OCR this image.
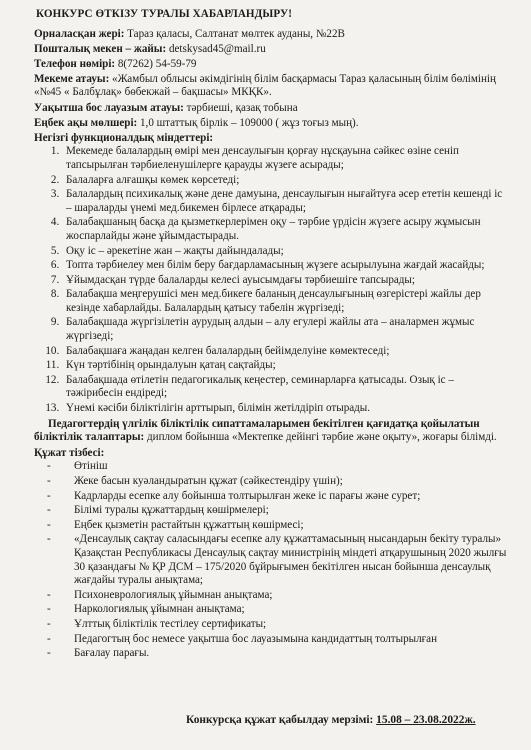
КОНКУРС ӨТКІЗУ ТУРАЛЫ ХАБАРЛАНДЫРУ!
Орналасқан жері: Тараз қаласы, Салтанат мөлтек ауданы, №22В
Пошталық мекен – жайы: detskysad45@mail.ru
Телефон нөмірі: 8(7262) 54-59-79
Мекеме атауы: «Жамбыл облысы әкімдігінің білім басқармасы Тараз қаласының білім бөлімінің «№45 « Балбұлақ» бөбекжай – бақшасы» МКҚК».
Уақытша бос лауазым атауы: тәрбиеші, қазақ тобына
Еңбек ақы мөлшері: 1,0 штаттық бірлік – 109000 ( жұз тоғыз мың).
Негізгі функционалдық міндеттері:
1. Мекемеде балалардың өмірі мен денсаулығын қорғау нұсқауына сәйкес өзіне сеніп тапсырылған тәрбиеленушілерге қарауды жүзеге асырады;
2. Балаларға алғашқы көмек көрсетеді;
3. Балалардың психикалық және дене дамуына, денсаулығын нығайтуға әсер ететін кешенді іс – шараларды үнемі мед.бикемен бірлесе атқарады;
4. Балабақшаның басқа да қызметкерлерімен оқу – тәрбие үрдісін жүзеге асыру жұмысын жоспарлайды және ұйымдастырады.
5. Оқу іс – әрекетіне жан – жақты дайындалады;
6. Топта тәрбиелеу мен білім беру бағдарламасының жүзеге асырылуына жағдай жасайды;
7. Ұйымдасқан түрде балаларды келесі ауысымдағы тәрбиешіге тапсырады;
8. Балабақша меңгерушісі мен мед.бикеге баланың денсаулығының өзгерістері жайлы дер кезінде хабарлайды. Балалардың қатысу табелін жүргізеді;
9. Балабақшада жүргізілетін аурудың алдын – алу егулері жайлы ата – аналармен жұмыс жүргізеді;
10. Балабақшаға жаңадан келген балалардың бейімделуіне көмектеседі;
11. Күн тәртібінің орындалуын қатаң сақтайды;
12. Балабақшада өтілетін педагогикалық кеңестер, семинарларға қатысады. Озық іс – тәжірибесін ендіреді;
13. Үнемі кәсіби біліктілігін арттырып, білімін жетілдіріп отырады.
Педагогтердің үлгілік біліктілік сипаттамаларымен бекітілген қағидатқа қойылатын біліктілік талаптары: диплом бойынша «Мектепке дейінгі тәрбие және оқыту», жоғары білімді.
Құжат тізбесі:
- Өтініш
- Жеке басын куәландыратын құжат (сәйкестендіру үшін);
- Кадрларды есепке алу бойынша толтырылған жеке іс парағы және сурет;
- Білімі туралы құжаттардың көшірмелері;
- Еңбек қызметін растайтын құжаттың көшірмесі;
- «Денсаулық сақтау саласындағы есепке алу құжаттамасының нысандарын бекіту туралы» Қазақстан Республикасы Денсаулық сақтау министрінің міндеті атқарушының 2020 жылғы 30 қазандағы № ҚР ДСМ – 175/2020 бұйрығымен бекітілген нысан бойынша денсаулық жағдайы туралы анықтама;
- Психоневрологиялық ұйымнан анықтама;
- Наркологиялық ұйымнан анықтама;
- Ұлттық біліктілік тестілеу сертификаты;
- Педагогтың бос немесе уақытша бос лауазымына кандидаттың толтырылған
- Бағалау парағы.
Конкурсқа құжат қабылдау мерзімі: 15.08 – 23.08.2022ж.
